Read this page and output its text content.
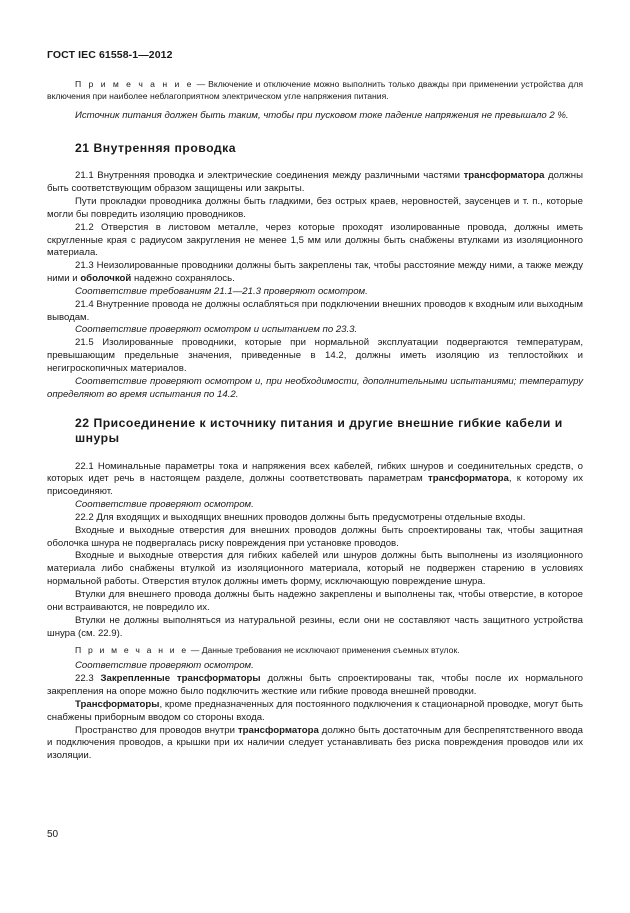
ГОСТ IEC 61558-1—2012

П р и м е ч а н и е — Включение и отключение можно выполнить только дважды при применении устройства для включения при наиболее неблагоприятном электрическом угле напряжения питания.

Источник питания должен быть таким, чтобы при пусковом токе падение напряжения не превышало 2 %.

21 Внутренняя проводка

21.1 Внутренняя проводка и электрические соединения между различными частями трансформатора должны быть соответствующим образом защищены или закрыты.

Пути прокладки проводника должны быть гладкими, без острых краев, неровностей, заусенцев и т. п., которые могли бы повредить изоляцию проводников.

21.2 Отверстия в листовом металле, через которые проходят изолированные провода, должны иметь скругленные края с радиусом закругления не менее 1,5 мм или должны быть снабжены втулками из изоляционного материала.

21.3 Неизолированные проводники должны быть закреплены так, чтобы расстояние между ними, а также между ними и оболочкой надежно сохранялось.

Соответствие требованиям 21.1—21.3 проверяют осмотром.

21.4 Внутренние провода не должны ослабляться при подключении внешних проводов к входным или выходным выводам.

Соответствие проверяют осмотром и испытанием по 23.3.

21.5 Изолированные проводники, которые при нормальной эксплуатации подвергаются температурам, превышающим предельные значения, приведенные в 14.2, должны иметь изоляцию из теплостойких и негигроскопичных материалов.

Соответствие проверяют осмотром и, при необходимости, дополнительными испытаниями; температуру определяют во время испытания по 14.2.

22 Присоединение к источнику питания и другие внешние гибкие кабели и шнуры

22.1 Номинальные параметры тока и напряжения всех кабелей, гибких шнуров и соединительных средств, о которых идет речь в настоящем разделе, должны соответствовать параметрам трансформатора, к которому их присоединяют.

Соответствие проверяют осмотром.

22.2 Для входящих и выходящих внешних проводов должны быть предусмотрены отдельные входы.

Входные и выходные отверстия для внешних проводов должны быть спроектированы так, чтобы защитная оболочка шнура не подвергалась риску повреждения при установке проводов.

Входные и выходные отверстия для гибких кабелей или шнуров должны быть выполнены из изоляционного материала либо снабжены втулкой из изоляционного материала, который не подвержен старению в условиях нормальной работы. Отверстия втулок должны иметь форму, исключающую повреждение шнура.

Втулки для внешнего провода должны быть надежно закреплены и выполнены так, чтобы отверстие, в которое они встраиваются, не повредило их.

Втулки не должны выполняться из натуральной резины, если они не составляют часть защитного устройства шнура (см. 22.9).

П р и м е ч а н и е — Данные требования не исключают применения съемных втулок.

Соответствие проверяют осмотром.

22.3 Закрепленные трансформаторы должны быть спроектированы так, чтобы после их нормального закрепления на опоре можно было подключить жесткие или гибкие провода внешней проводки.

Трансформаторы, кроме предназначенных для постоянного подключения к стационарной проводке, могут быть снабжены приборным вводом со стороны входа.

Пространство для проводов внутри трансформатора должно быть достаточным для беспрепятственного ввода и подключения проводов, а крышки при их наличии следует устанавливать без риска повреждения проводов или их изоляции.

50
